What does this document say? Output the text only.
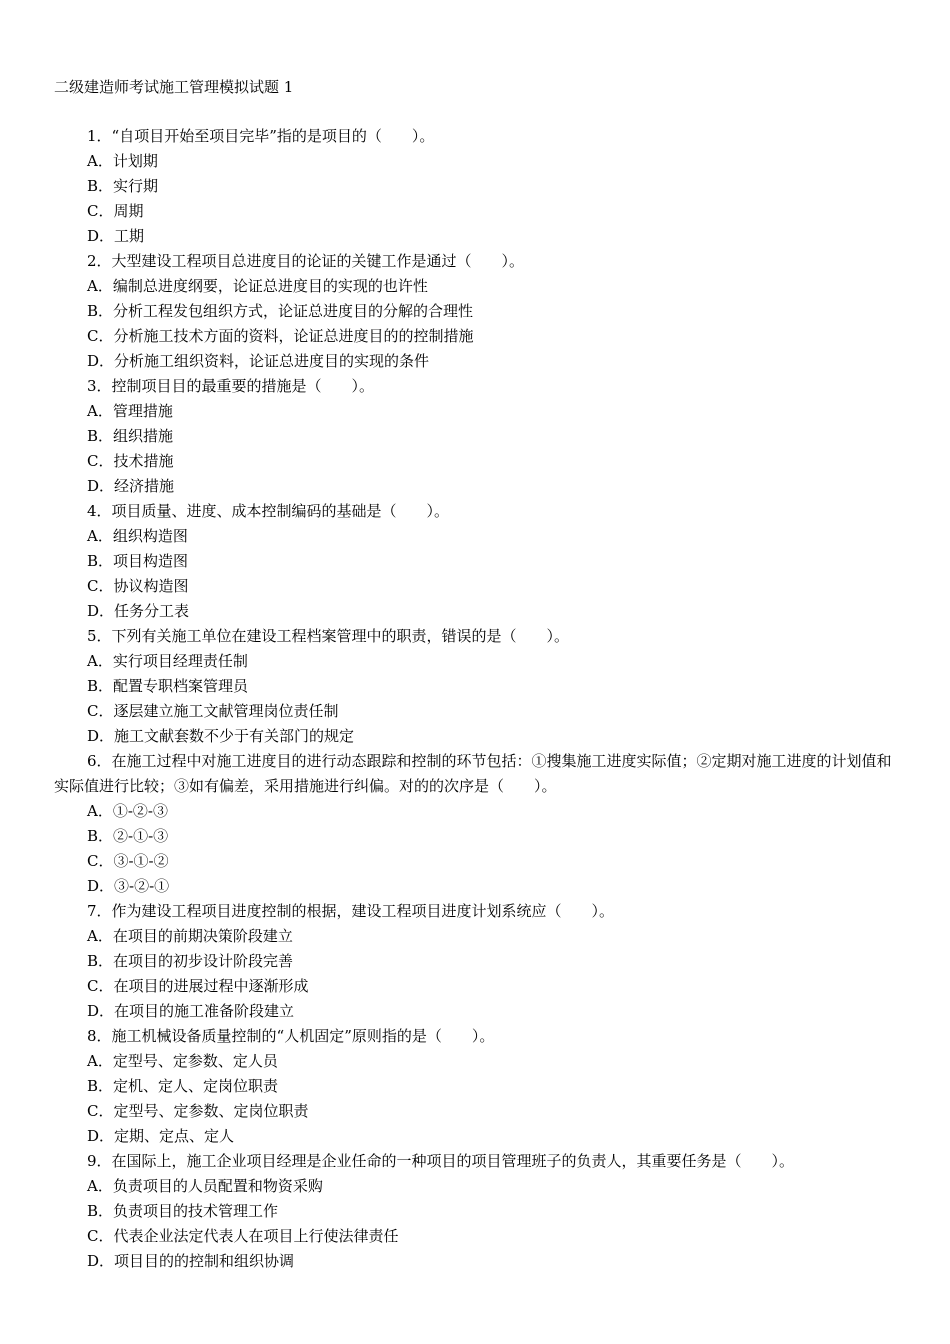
二级建造师考试施工管理模拟试题 1
1．“自项目开始至项目完毕”指的是项目的（　　）。
A．计划期
B．实行期
C．周期
D．工期
2．大型建设工程项目总进度目的论证的关键工作是通过（　　）。
A．编制总进度纲要，论证总进度目的实现的也许性
B．分析工程发包组织方式，论证总进度目的分解的合理性
C．分析施工技术方面的资料，论证总进度目的的控制措施
D．分析施工组织资料，论证总进度目的实现的条件
3．控制项目目的最重要的措施是（　　）。
A．管理措施
B．组织措施
C．技术措施
D．经济措施
4．项目质量、进度、成本控制编码的基础是（　　）。
A．组织构造图
B．项目构造图
C．协议构造图
D．任务分工表
5．下列有关施工单位在建设工程档案管理中的职责，错误的是（　　）。
A．实行项目经理责任制
B．配置专职档案管理员
C．逐层建立施工文献管理岗位责任制
D．施工文献套数不少于有关部门的规定
6．在施工过程中对施工进度目的进行动态跟踪和控制的环节包括：①搜集施工进度实际值；②定期对施工进度的计划值和实际值进行比较；③如有偏差，采用措施进行纠偏。对的的次序是（　　）。
A．①-②-③
B．②-①-③
C．③-①-②
D．③-②-①
7．作为建设工程项目进度控制的根据，建设工程项目进度计划系统应（　　）。
A．在项目的前期决策阶段建立
B．在项目的初步设计阶段完善
C．在项目的进展过程中逐渐形成
D．在项目的施工准备阶段建立
8．施工机械设备质量控制的“人机固定”原则指的是（　　）。
A．定型号、定参数、定人员
B．定机、定人、定岗位职责
C．定型号、定参数、定岗位职责
D．定期、定点、定人
9．在国际上，施工企业项目经理是企业任命的一种项目的项目管理班子的负责人，其重要任务是（　　）。
A．负责项目的人员配置和物资采购
B．负责项目的技术管理工作
C．代表企业法定代表人在项目上行使法律责任
D．项目目的的控制和组织协调
